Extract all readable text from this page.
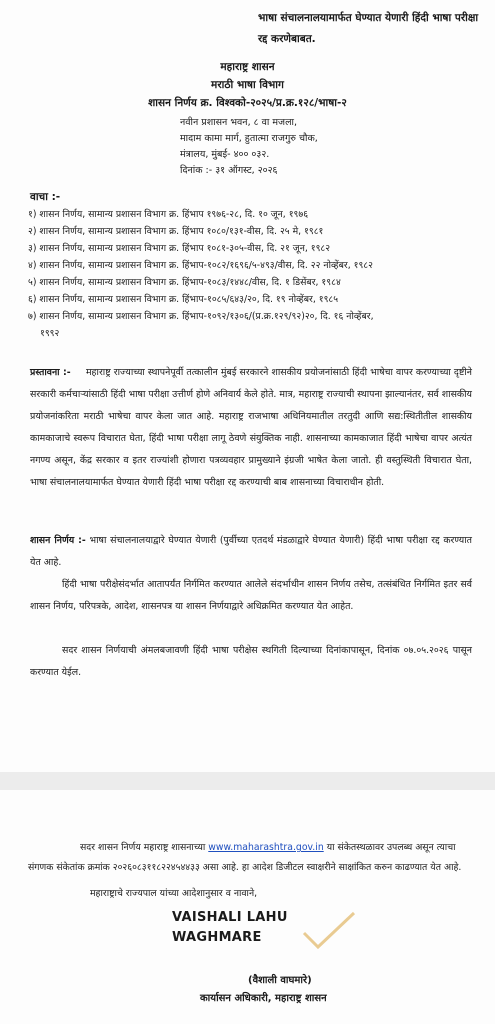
भाषा संचालनालयामार्फत घेण्यात येणारी हिंदी भाषा परीक्षा रद्द करणेबाबत.
महाराष्ट्र शासन
मराठी भाषा विभाग
शासन निर्णय क्र. विश्वको-२०२५/प्र.क्र.१२८/भाषा-२
नवीन प्रशासन भवन, ८ वा मजला,
मादाम कामा मार्ग, हुतात्मा राजगुरु चौक,
मंत्रालय, मुंबई- ४०० ०३२.
दिनांक :- ३१ ऑगस्ट, २०२६
वाचा :-
१) शासन निर्णय, सामान्य प्रशासन विभाग क्र. हिंभाप १९७६-२८, दि. १० जून, १९७६
२) शासन निर्णय, सामान्य प्रशासन विभाग क्र. हिंभाप १०८०/१३१-वीस, दि. २५ मे, १९८१
३) शासन निर्णय, सामान्य प्रशासन विभाग क्र. हिंभाप १०८१-३०५-वीस, दि. २१ जून, १९८२
४) शासन निर्णय, सामान्य प्रशासन विभाग क्र. हिंभाप-१०८२/१६९६/५-४९३/वीस, दि. २२ नोव्हेंबर, १९८२
५) शासन निर्णय, सामान्य प्रशासन विभाग क्र. हिंभाप-१०८३/१४४८/वीस, दि. १ डिसेंबर, १९८४
६) शासन निर्णय, सामान्य प्रशासन विभाग क्र. हिंभाप-१०८५/६४३/२०, दि. १९ नोव्हेंबर, १९८५
७) शासन निर्णय, सामान्य प्रशासन विभाग क्र. हिंभाप-१०९२/१३०६/(प्र.क्र.१२९/९२)२०, दि. १६ नोव्हेंबर,
१९९२
प्रस्तावना :- महाराष्ट्र राज्याच्या स्थापनेपूर्वी तत्कालीन मुंबई सरकारने शासकीय प्रयोजनांसाठी हिंदी भाषेचा वापर करण्याच्या दृष्टीने सरकारी कर्मचाऱ्यांसाठी हिंदी भाषा परीक्षा उत्तीर्ण होणे अनिवार्य केले होते. मात्र, महाराष्ट्र राज्याची स्थापना झाल्यानंतर, सर्व शासकीय प्रयोजनांकरिता मराठी भाषेचा वापर केला जात आहे. महाराष्ट्र राजभाषा अधिनियमातील तरतुदी आणि सद्य:स्थितीतील शासकीय कामकाजाचे स्वरूप विचारात घेता, हिंदी भाषा परीक्षा लागू ठेवणे संयुक्तिक नाही. शासनाच्या कामकाजात हिंदी भाषेचा वापर अत्यंत नगण्य असून, केंद्र सरकार व इतर राज्यांशी होणारा पत्रव्यवहार प्रामुख्याने इंग्रजी भाषेत केला जातो. ही वस्तुस्थिती विचारात घेता, भाषा संचालनालयामार्फत घेण्यात येणारी हिंदी भाषा परीक्षा रद्द करण्याची बाब शासनाच्या विचाराधीन होती.
शासन निर्णय :- भाषा संचालनालयाद्वारे घेण्यात येणारी (पुर्वीच्या एतदर्थ मंडळाद्वारे घेण्यात येणारी) हिंदी भाषा परीक्षा रद्द करण्यात येत आहे.
हिंदी भाषा परीक्षेसंदर्भात आतापर्यंत निर्गमित करण्यात आलेले संदर्भाधीन शासन निर्णय तसेच, तत्संबंधित निर्गमित इतर सर्व शासन निर्णय, परिपत्रके, आदेश, शासनपत्र या शासन निर्णयाद्वारे अधिक्रमित करण्यात येत आहेत.
सदर शासन निर्णयाची अंमलबजावणी हिंदी भाषा परीक्षेस स्थगिती दिल्याच्या दिनांकापासून, दिनांक ०७.०५.२०२६ पासून करण्यात येईल.
सदर शासन निर्णय महाराष्ट्र शासनाच्या www.maharashtra.gov.in या संकेतस्थळावर उपलब्ध असून त्याचा संगणक संकेतांक क्रमांक २०२६०८३११८२२४५४४३३ असा आहे. हा आदेश डिजीटल स्वाक्षरीने साक्षांकित करुन काढण्यात येत आहे.
महाराष्ट्राचे राज्यपाल यांच्या आदेशानुसार व नावाने,
VAISHALI LAHU
WAGHMARE
(वैशाली वाघमारे)
कार्यासन अधिकारी, महाराष्ट्र शासन
